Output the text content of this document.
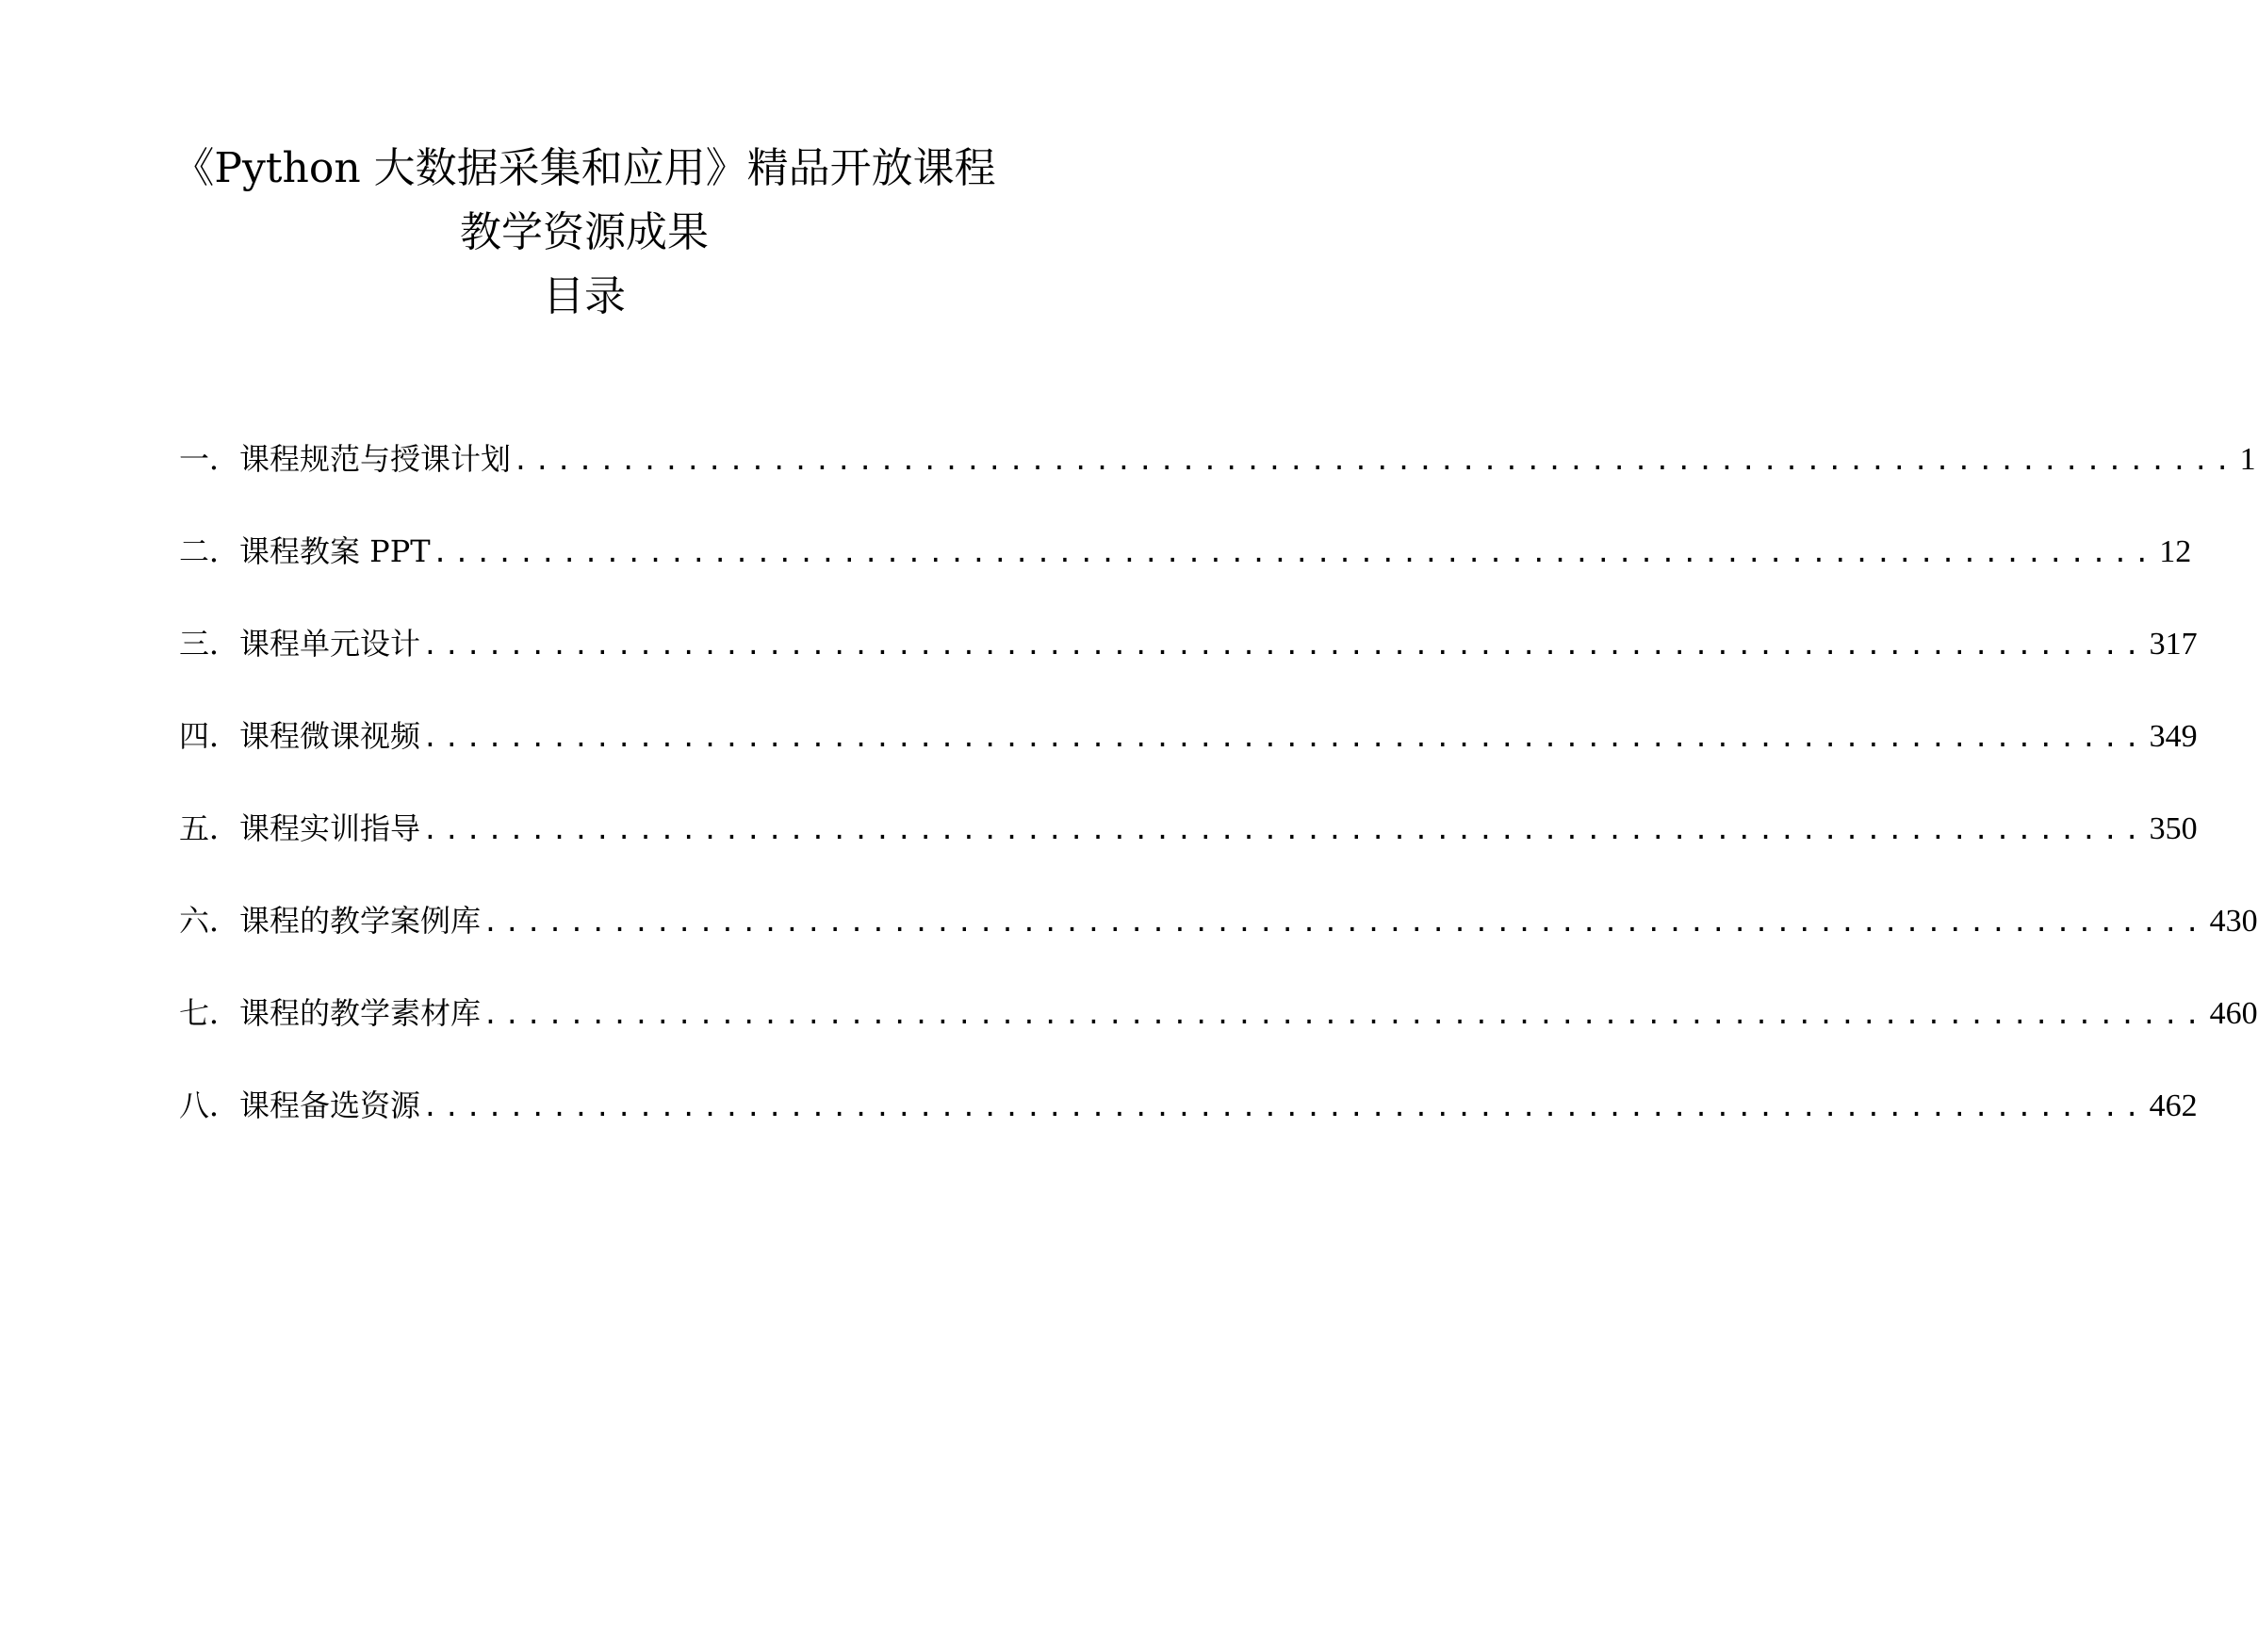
《Python 大数据采集和应用》精品开放课程
教学资源成果
目录
一．课程规范与授课计划 ................................................................................ 1
二．课程教案 PPT ................................................................................ 12
三．课程单元设计 ................................................................................ 317
四．课程微课视频 ................................................................................ 349
五．课程实训指导 ................................................................................ 350
六．课程的教学案例库 ................................................................................ 430
七．课程的教学素材库 ................................................................................ 460
八．课程备选资源 ................................................................................ 462
